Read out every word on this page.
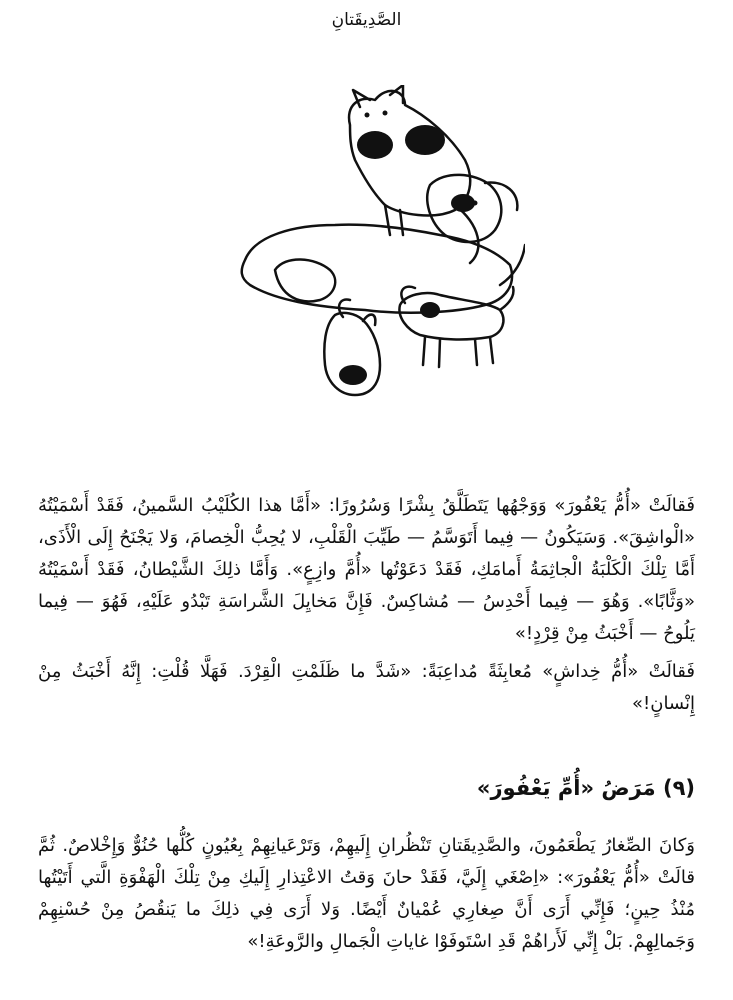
الصَّدِيقَتانِ

فَقالَتْ «أُمُّ يَعْفُورَ» وَوَجْهُها يَتَطَلَّقُ بِشْرًا وَسُرُورًا: «أَمَّا هذا الكُلَيْبُ السَّمينُ، فَقَدْ أَسْمَيْتُهُ «الْواشِقَ». وَسَيَكُونُ — فِيما أَتَوَسَّمُ — طَيِّبَ الْقَلْبِ، لا يُحِبُّ الْخِصامَ، وَلا يَجْنَحُ إِلَى الْأَذَى، أَمَّا تِلْكَ الْكَلْبَةُ الْجاثِمَةُ أَمامَكِ، فَقَدْ دَعَوْتُها «أُمَّ وازِعٍ». وَأَمَّا ذلِكَ الشَّيْطانُ، فَقَدْ أَسْمَيْتُهُ «وَثَّابًا». وَهُوَ — فِيما أَحْدِسُ — مُشاكِسٌ. فَإِنَّ مَخايِلَ الشَّراسَةِ تَبْدُو عَلَيْهِ، فَهُوَ — فِيما يَلُوحُ — أَخْبَثُ مِنْ قِرْدٍ!»

فَقالَتْ «أُمُّ خِداشٍ» مُعابِثَةً مُداعِبَةً: «شَدَّ ما ظَلَمْتِ الْقِرْدَ. فَهَلَّا قُلْتِ: إِنَّهُ أَخْبَثُ مِنْ إِنْسانٍ!»

(٩) مَرَضُ «أُمِّ يَعْفُورَ»

وَكانَ الصِّغارُ يَطْعَمُونَ، والصَّدِيقَتانِ تَنْظُرانِ إِلَيهِمْ، وَتَرْعَيانِهِمْ بِعُيُونٍ كُلُّها حُنُوٌّ وَإِخْلاصٌ. ثُمَّ قالَتْ «أُمُّ يَعْفُورَ»: «اِصْغَي إِلَيَّ، فَقَدْ حانَ وَقتُ الاعْتِذارِ إِلَيكِ مِنْ تِلْكَ الْهَفْوَةِ الَّتي أَتَيْتُها مُنْذُ حِينٍ؛ فَإِنِّي أَرَى أَنَّ صِغارِي عُمْيانٌ أَيْضًا. وَلا أَرَى فِي ذلِكَ ما يَنقُصُ مِنْ حُسْنِهِمْ وَجَمالِهِمْ. بَلْ إِنِّي لَأَراهُمْ قَدِ اسْتَوفَوْا غاياتِ الْجَمالِ والرَّوعَةِ!»
